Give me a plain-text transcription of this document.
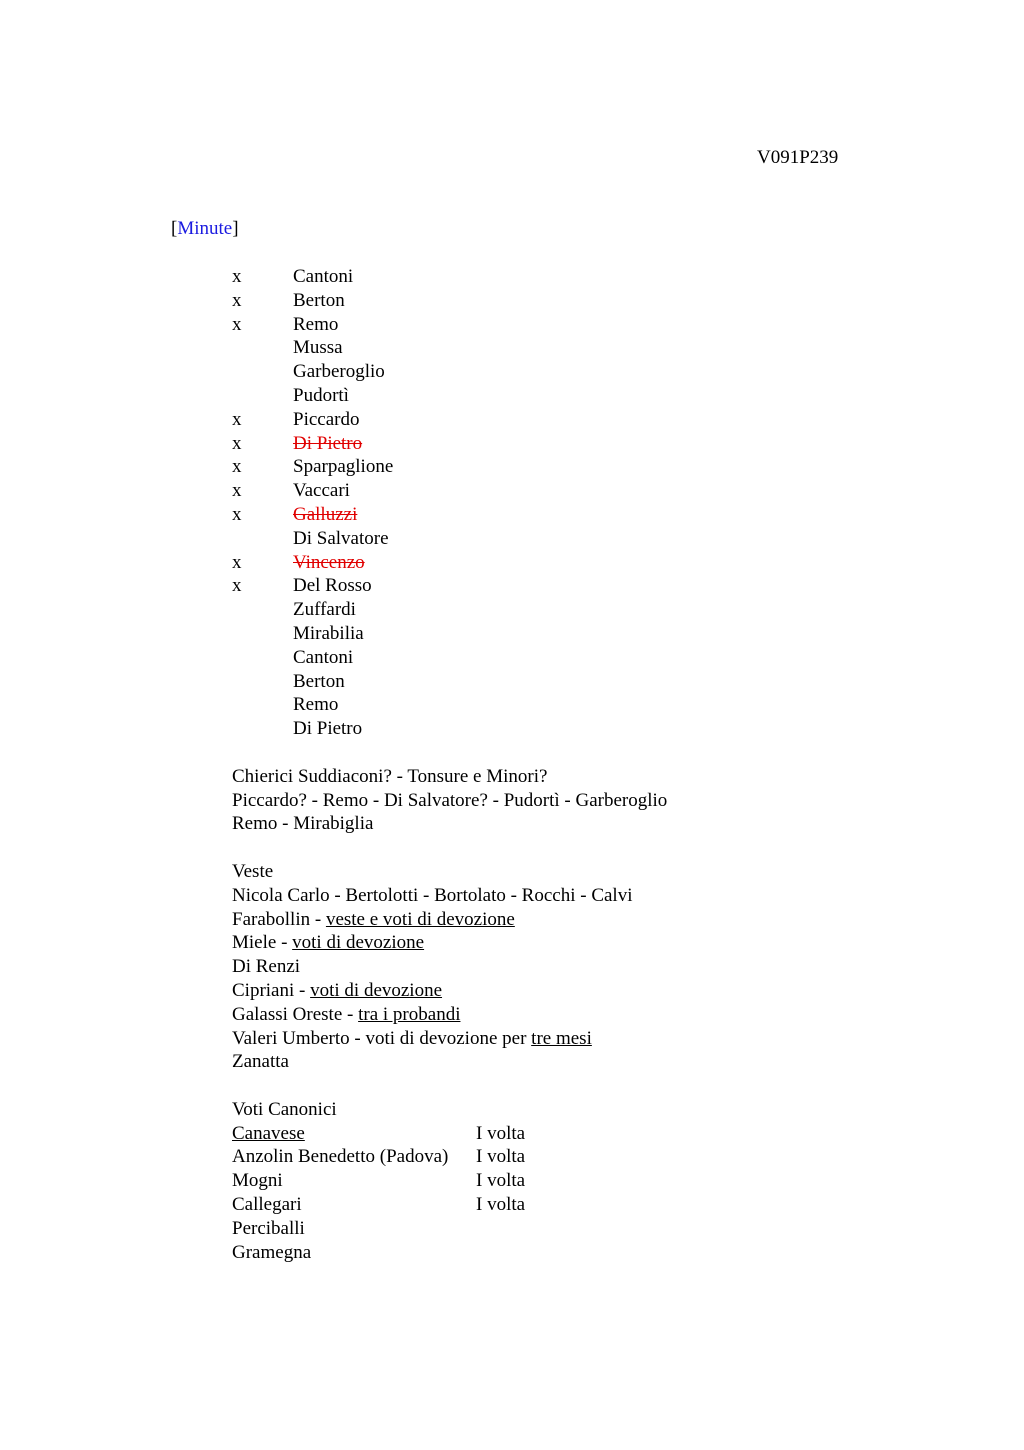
V091P239
[Minute]
x	Cantoni
x	Berton
x	Remo
Mussa
Garberoglio
Pudortì
x	Piccardo
x	Di Pietro
x	Sparpaglione
x	Vaccari
x	Galluzzi
Di Salvatore
x	Vincenzo
x	Del Rosso
Zuffardi
Mirabilia
Cantoni
Berton
Remo
Di Pietro
Chierici Suddiaconi? - Tonsure e Minori?
Piccardo? - Remo - Di Salvatore? - Pudortì - Garberoglio
Remo - Mirabiglia
Veste
Nicola Carlo - Bertolotti - Bortolato - Rocchi - Calvi
Farabollin - veste e voti di devozione
Miele - voti di devozione
Di Renzi
Cipriani - voti di devozione
Galassi Oreste - tra i probandi
Valeri Umberto - voti di devozione per tre mesi
Zanatta
Voti Canonici
Canavese	I volta
Anzolin Benedetto (Padova) I volta
Mogni	I volta
Callegari	I volta
Perciballi
Gramegna
